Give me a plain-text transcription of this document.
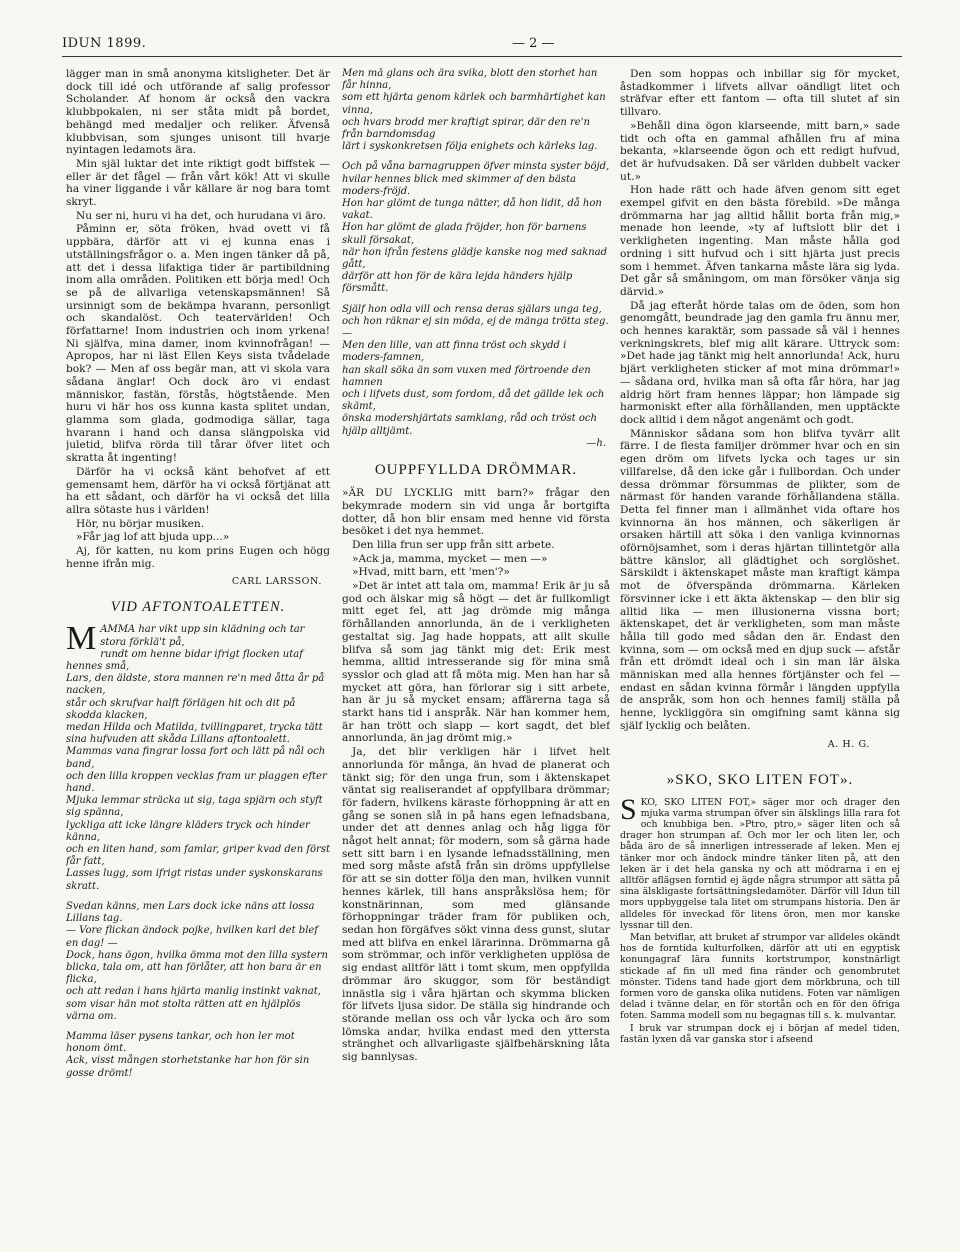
IDUN 1899.	— 2 —

lägger man in små anonyma kitsligheter. Det är dock till idé och utförande af salig professor Scholander. Af honom är också den vackra klubbpokalen, ni ser ståta midt på bordet, behängd med medaljer och reliker. Äfvenså klubbvisan, som sjunges unisont till hvarje nyintagen ledamots ära.

Min själ luktar det inte riktigt godt biffstek — eller är det fågel — från vårt kök! Att vi skulle ha viner liggande i vår källare är nog bara tomt skryt.

Nu ser ni, huru vi ha det, och hurudana vi äro.

Påminn er, söta fröken, hvad ovett vi få uppbära, därför att vi ej kunna enas i utställningsfrågor o. a. Men ingen tänker då på, att det i dessa lifaktiga tider är partibildning inom alla områden. Politiken ett börja med! Och se på de allvarliga vetenskapsmännen! Så ursinnigt som de bekämpa hvarann, personligt och skandalöst. Och teatervärlden! Och författarne! Inom industrien och inom yrkena! Ni själfva, mina damer, inom kvinnofrågan! — Apropos, har ni läst Ellen Keys sista tvådelade bok? — Men af oss begär man, att vi skola vara sådana änglar! Och dock äro vi endast människor, fastän, förstås, högtstående. Men huru vi här hos oss kunna kasta splitet undan, glamma som glada, godmodiga sällar, taga hvarann i hand och dansa slängpolska vid juletid, blifva rörda till tårar öfver litet och skratta åt ingenting!

Därför ha vi också känt behofvet af ett gemensamt hem, därför ha vi också förtjänat att ha ett sådant, och därför ha vi också det lilla allra sötaste hus i världen!

Hör, nu börjar musiken.

»Får jag lof att bjuda upp...»

Aj, för katten, nu kom prins Eugen och högg henne ifrån mig.

CARL LARSSON.
VID AFTONTOALETTEN.
M AMMA har vikt upp sin klädning och tar stora förklä't på,
rundt om henne bidar ifrigt flocken utaf hennes små,
Lars, den äldste, stora mannen re'n med åtta år på nacken,
står och skrufvar halft förlägen hit och dit på skodda klacken,
medan Hilda och Matilda, tvillingparet, trycka tätt sina hufvuden att skåda Lillans aftontoalett.
Mammas vana fingrar lossa fort och lätt på nål och band,
och den lilla kroppen vecklas fram ur plaggen efter hand.
Mjuka lemmar sträcka ut sig, taga spjärn och styft sig spänna,
lyckliga att icke längre kläders tryck och hinder känna,
och en liten hand, som famlar, griper kvad den först får fatt,
Lasses lugg, som ifrigt ristas under syskonskarans skratt.
Svedan känns, men Lars dock icke näns att lossa Lillans tag.
— Vore flickan ändock pojke, hvilken karl det blef en dag! —
Dock, hans ögon, hvilka ömma mot den lilla systern blicka, tala om, att han förlåter, att hon bara är en flicka,
och att redan i hans hjärta manlig instinkt vaknat, som visar hän mot stolta rätten att en hjälplös värna om.
Mamma läser pysens tankar, och hon ler mot honom ömt.
Ack, visst mången storhetstanke har hon för sin gosse drömt!
Men må glans och ära svika, blott den storhet han får hinna,
som ett hjärta genom kärlek och barmhärtighet kan vinna,
och hvars brodd mer kraftigt spirar, där den re'n från barndomsdag
lärt i syskonkretsen följa enighets och kärleks lag.
Och på våna barnagruppen öfver minsta syster böjd,
hvilar hennes blick med skimmer af den bästa moders-fröjd.
Hon har glömt de tunga nätter, då hon lidit, då hon vakat.
Hon har glömt de glada fröjder, hon för barnens skull försakat,
när hon ifrån festens glädje kanske nog med saknad gått,
därför att hon för de kära lejda händers hjälp försmått.
Själf hon odla vill och rensa deras själars unga teg,
och hon räknar ej sin möda, ej de mänga trötta steg. —
Men den lille, van att finna tröst och skydd i moders-famnen,
han skall söka än som vuxen med förtroende den hamnen
och i lifvets dust, som fordom, då det gällde lek och skämt,
önska modershjärtats samklang, råd och tröst och hjälp alltjämt.
—h.
OUPPFYLLDA DRÖMMAR.

»ÄR DU LYCKLIG mitt barn?» frågar den bekymrade modern sin vid unga år bortgifta dotter, då hon blir ensam med henne vid första besöket i det nya hemmet.

Den lilla frun ser upp från sitt arbete.

»Ack ja, mamma, mycket — men —»

»Hvad, mitt barn, ett 'men'?»

»Det är intet att tala om, mamma! Erik är ju så god och älskar mig så högt — det är fullkomligt mitt eget fel, att jag drömde mig många förhållanden annorlunda, än de i verkligheten gestaltat sig. Jag hade hoppats, att allt skulle blifva så som jag tänkt mig det: Erik mest hemma, alltid intresserande sig för mina små sysslor och glad att få möta mig. Men han har så mycket att göra, han förlorar sig i sitt arbete, han är ju så mycket ensam; affärerna taga så starkt hans tid i anspråk. När han kommer hem, är han trött och slapp — kort sagdt, det blef annorlunda, än jag drömt mig.»

Ja, det blir verkligen här i lifvet helt annorlunda för många, än hvad de planerat och tänkt sig; för den unga frun, som i äktenskapet väntat sig realiserandet af oppfyllbara drömmar; för fadern, hvilkens käraste förhoppning är att en gång se sonen slå in på hans egen lefnadsbana, under det att dennes anlag och håg ligga för något helt annat; för modern, som så gärna hade sett sitt barn i en lysande lefnadsställning, men med sorg måste afstå från sin dröms uppfyllelse för att se sin dotter följa den man, hvilken vunnit hennes kärlek, till hans anspråkslösa hem; för konstnärinnan, som med glänsande förhoppningar träder fram för publiken och, sedan hon förgäfves sökt vinna dess gunst, slutar med att blifva en enkel lärarinna. Drömmarna gå som strömmar, och inför verkligheten upplösa de sig endast alltför lätt i tomt skum, men oppfyllda drömmar äro skuggor, som för beständigt innästla sig i våra hjärtan och skymma blicken för lifvets ljusa sidor. De ställa sig hindrande och störande mellan oss och vår lycka och äro som lömska andar, hvilka endast med den yttersta stränghet och allvarligaste själfbehärskning låta sig bannlysas.

Den som hoppas och inbillar sig för mycket, åstadkommer i lifvets allvar oändligt litet och sträfvar efter ett fantom — ofta till slutet af sin tillvaro.

»Behåll dina ögon klarseende, mitt barn,» sade tidt och ofta en gammal afhållen fru af mina bekanta, »klarseende ögon och ett redigt hufvud, det är hufvudsaken. Då ser världen dubbelt vacker ut.»

Hon hade rätt och hade äfven genom sitt eget exempel gifvit en den bästa förebild. »De många drömmarna har jag alltid hållit borta från mig,» menade hon leende, »ty af luftslott blir det i verkligheten ingenting. Man måste hålla god ordning i sitt hufvud och i sitt hjärta just precis som i hemmet. Äfven tankarna måste lära sig lyda. Det går så småningom, om man försöker vänja sig därvid.»

Då jag efteråt hörde talas om de öden, som hon genomgått, beundrade jag den gamla fru ännu mer, och hennes karaktär, som passade så väl i hennes verkningskrets, blef mig allt kärare. Uttryck som: »Det hade jag tänkt mig helt annorlunda! Ack, huru bjärt verkligheten sticker af mot mina drömmar!» — sådana ord, hvilka man så ofta får höra, har jag aldrig hört fram hennes läppar; hon lämpade sig harmoniskt efter alla förhållanden, men upptäckte dock alltid i dem något angenämt och godt.

Människor sådana som hon blifva tyvärr allt färre. I de flesta familjer drömmer hvar och en sin egen dröm om lifvets lycka och tages ur sin villfarelse, då den icke går i fullbordan. Och under dessa drömmar försummas de plikter, som de närmast för handen varande förhållandena ställa. Detta fel finner man i allmänhet vida oftare hos kvinnorna än hos männen, och säkerligen är orsaken härtill att söka i den vanliga kvinnornas oförnöjsamhet, som i deras hjärtan tillintetgör alla bättre känslor, all glädtighet och sorglöshet. Särskildt i äktenskapet måste man kraftigt kämpa mot de öfverspända drömmarna. Kärleken försvinner icke i ett äkta äktenskap — den blir sig alltid lika — men illusionerna vissna bort; äktenskapet, det är verkligheten, som man måste hålla till godo med sådan den är. Endast den kvinna, som — om också med en djup suck — afstår från ett drömdt ideal och i sin man lär älska människan med alla hennes förtjänster och fel — endast en sådan kvinna förmår i längden uppfylla de anspråk, som hon och hennes familj ställa på henne, lyckliggöra sin omgifning samt känna sig själf lycklig och belåten.

A. H. G.
»SKO, SKO LITEN FOT».

SKO, SKO LITEN FOT,» säger mor och drager den mjuka varma strumpan öfver sin älsklings lilla rara fot och knubbiga ben. »Ptro, ptro,» säger liten och så drager hon strumpan af. Och mor ler och liten ler, och båda äro de så innerligen intresserade af leken. Men ej tänker mor och ändock mindre tänker liten på, att den leken är i det hela ganska ny och att mödrarna i en ej alltför aflägsen forntid ej ägde några strumpor att sätta på sina älskligaste fortsättningsledamöter. Därför vill Idun till mors uppbyggelse tala litet om strumpans historia. Den är alldeles för inveckad för litens öron, men mor kanske lyssnar till den.

Man betviflar, att bruket af strumpor var alldeles okändt hos de forntida kulturfolken, därför att uti en egyptisk konungagraf lära funnits kortstrumpor, konstnärligt stickade af fin ull med fina ränder och genombrutet mönster. Tidens tand hade gjort dem mörkbruna, och till formen voro de ganska olika nutidens. Foten var nämligen delad i tvänne delar, en för stortån och en för den öfriga foten. Samma modell som nu begagnas till s. k. mulvantar.

I bruk var strumpan dock ej i början af medel tiden, fastän lyxen då var ganska stor i afseend
